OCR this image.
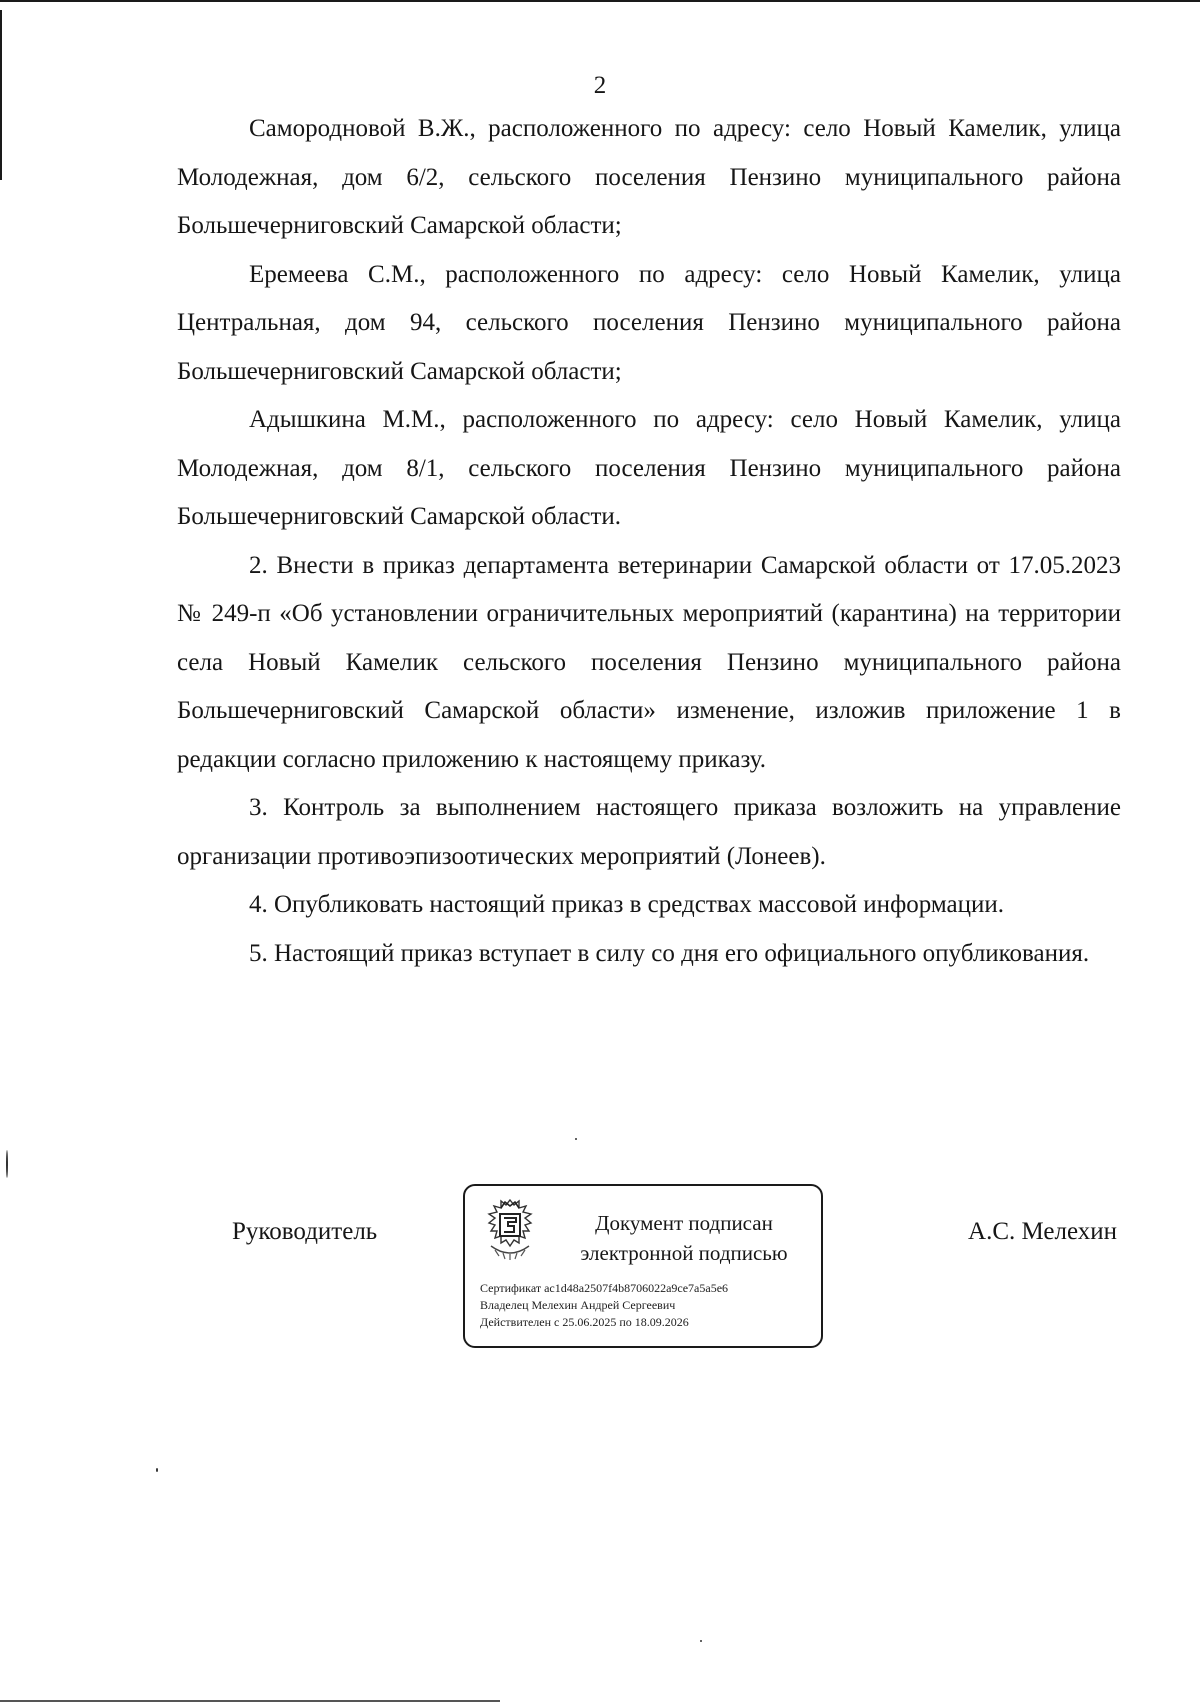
2

Самородновой В.Ж., расположенного по адресу: село Новый Камелик, улица Молодежная, дом 6/2, сельского поселения Пензино муниципального района Большечерниговский Самарской области;

Еремеева С.М., расположенного по адресу: село Новый Камелик, улица Центральная, дом 94, сельского поселения Пензино муниципального района Большечерниговский Самарской области;

Адышкина М.М., расположенного по адресу: село Новый Камелик, улица Молодежная, дом 8/1, сельского поселения Пензино муниципального района Большечерниговский Самарской области.

2. Внести в приказ департамента ветеринарии Самарской области от 17.05.2023 № 249-п «Об установлении ограничительных мероприятий (карантина) на территории села Новый Камелик сельского поселения Пензино муниципального района Большечерниговский Самарской области» изменение, изложив приложение 1 в редакции согласно приложению к настоящему приказу.

3. Контроль за выполнением настоящего приказа возложить на управление организации противоэпизоотических мероприятий (Лонеев).

4. Опубликовать настоящий приказ в средствах массовой информации.

5. Настоящий приказ вступает в силу со дня его официального опубликования.

Руководитель	Документ подписан
электронной подписью
Сертификат ac1d48a2507f4b8706022a9ce7a5a5e6
Владелец Мелехин Андрей Сергеевич
Действителен с 25.06.2025 по 18.09.2026
А.С. Мелехин
